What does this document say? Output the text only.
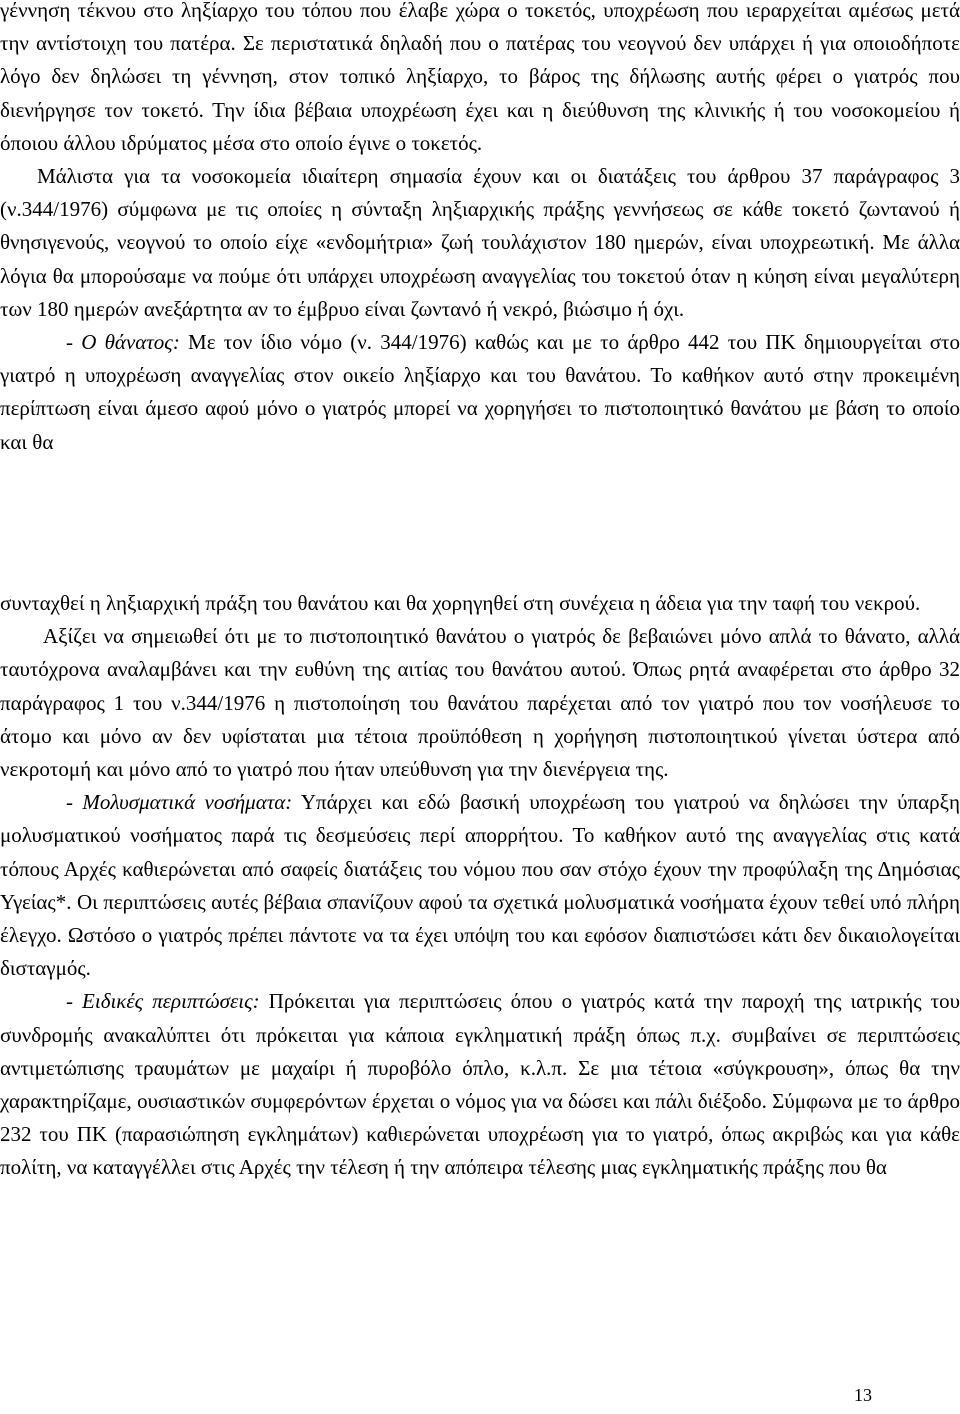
γέννηση τέκνου στο ληξίαρχο του τόπου που έλαβε χώρα ο τοκετός, υποχρέωση που ιεραρχείται αμέσως μετά την αντίστοιχη του πατέρα. Σε περιστατικά δηλαδή που ο πατέρας του νεογνού δεν υπάρχει ή για οποιοδήποτε λόγο δεν δηλώσει τη γέννηση, στον τοπικό ληξίαρχο, το βάρος της δήλωσης αυτής φέρει ο γιατρός που διενήργησε τον τοκετό. Την ίδια βέβαια υποχρέωση έχει και η διεύθυνση της κλινικής ή του νοσοκομείου ή όποιου άλλου ιδρύματος μέσα στο οποίο έγινε ο τοκετός.

Μάλιστα για τα νοσοκομεία ιδιαίτερη σημασία έχουν και οι διατάξεις του άρθρου 37 παράγραφος 3 (ν.344/1976) σύμφωνα με τις οποίες η σύνταξη ληξιαρχικής πράξης γεννήσεως σε κάθε τοκετό ζωντανού ή θνησιγενούς, νεογνού το οποίο είχε «ενδομήτρια» ζωή τουλάχιστον 180 ημερών, είναι υποχρεωτική. Με άλλα λόγια θα μπορούσαμε να πούμε ότι υπάρχει υποχρέωση αναγγελίας του τοκετού όταν η κύηση είναι μεγαλύτερη των 180 ημερών ανεξάρτητα αν το έμβρυο είναι ζωντανό ή νεκρό, βιώσιμο ή όχι.

- Ο θάνατος: Με τον ίδιο νόμο (ν. 344/1976) καθώς και με το άρθρο 442 του ΠΚ δημιουργείται στο γιατρό η υποχρέωση αναγγελίας στον οικείο ληξίαρχο και του θανάτου. Το καθήκον αυτό στην προκειμένη περίπτωση είναι άμεσο αφού μόνο ο γιατρός μπορεί να χορηγήσει το πιστοποιητικό θανάτου με βάση το οποίο και θα

συνταχθεί η ληξιαρχική πράξη του θανάτου και θα χορηγηθεί στη συνέχεια η άδεια για την ταφή του νεκρού.

Αξίζει να σημειωθεί ότι με το πιστοποιητικό θανάτου ο γιατρός δε βεβαιώνει μόνο απλά το θάνατο, αλλά ταυτόχρονα αναλαμβάνει και την ευθύνη της αιτίας του θανάτου αυτού. Όπως ρητά αναφέρεται στο άρθρο 32 παράγραφος 1 του ν.344/1976 η πιστοποίηση του θανάτου παρέχεται από τον γιατρό που τον νοσήλευσε το άτομο και μόνο αν δεν υφίσταται μια τέτοια προϋπόθεση η χορήγηση πιστοποιητικού γίνεται ύστερα από νεκροτομή και μόνο από το γιατρό που ήταν υπεύθυνση για την διενέργεια της.

- Μολυσματικά νοσήματα: Υπάρχει και εδώ βασική υποχρέωση του γιατρού να δηλώσει την ύπαρξη μολυσματικού νοσήματος παρά τις δεσμεύσεις περί απορρήτου. Το καθήκον αυτό της αναγγελίας στις κατά τόπους Αρχές καθιερώνεται από σαφείς διατάξεις του νόμου που σαν στόχο έχουν την προφύλαξη της Δημόσιας Υγείας*. Οι περιπτώσεις αυτές βέβαια σπανίζουν αφού τα σχετικά μολυσματικά νοσήματα έχουν τεθεί υπό πλήρη έλεγχο. Ωστόσο ο γιατρός πρέπει πάντοτε να τα έχει υπόψη του και εφόσον διαπιστώσει κάτι δεν δικαιολογείται δισταγμός.

- Ειδικές περιπτώσεις: Πρόκειται για περιπτώσεις όπου ο γιατρός κατά την παροχή της ιατρικής του συνδρομής ανακαλύπτει ότι πρόκειται για κάποια εγκληματική πράξη όπως π.χ. συμβαίνει σε περιπτώσεις αντιμετώπισης τραυμάτων με μαχαίρι ή πυροβόλο όπλο, κ.λ.π. Σε μια τέτοια «σύγκρουση», όπως θα την χαρακτηρίζαμε, ουσιαστικών συμφερόντων έρχεται ο νόμος για να δώσει και πάλι διέξοδο. Σύμφωνα με το άρθρο 232 του ΠΚ (παρασιώπηση εγκλημάτων) καθιερώνεται υποχρέωση για το γιατρό, όπως ακριβώς και για κάθε πολίτη, να καταγγέλλει στις Αρχές την τέλεση ή την απόπειρα τέλεσης μιας εγκληματικής πράξης που θα

13
